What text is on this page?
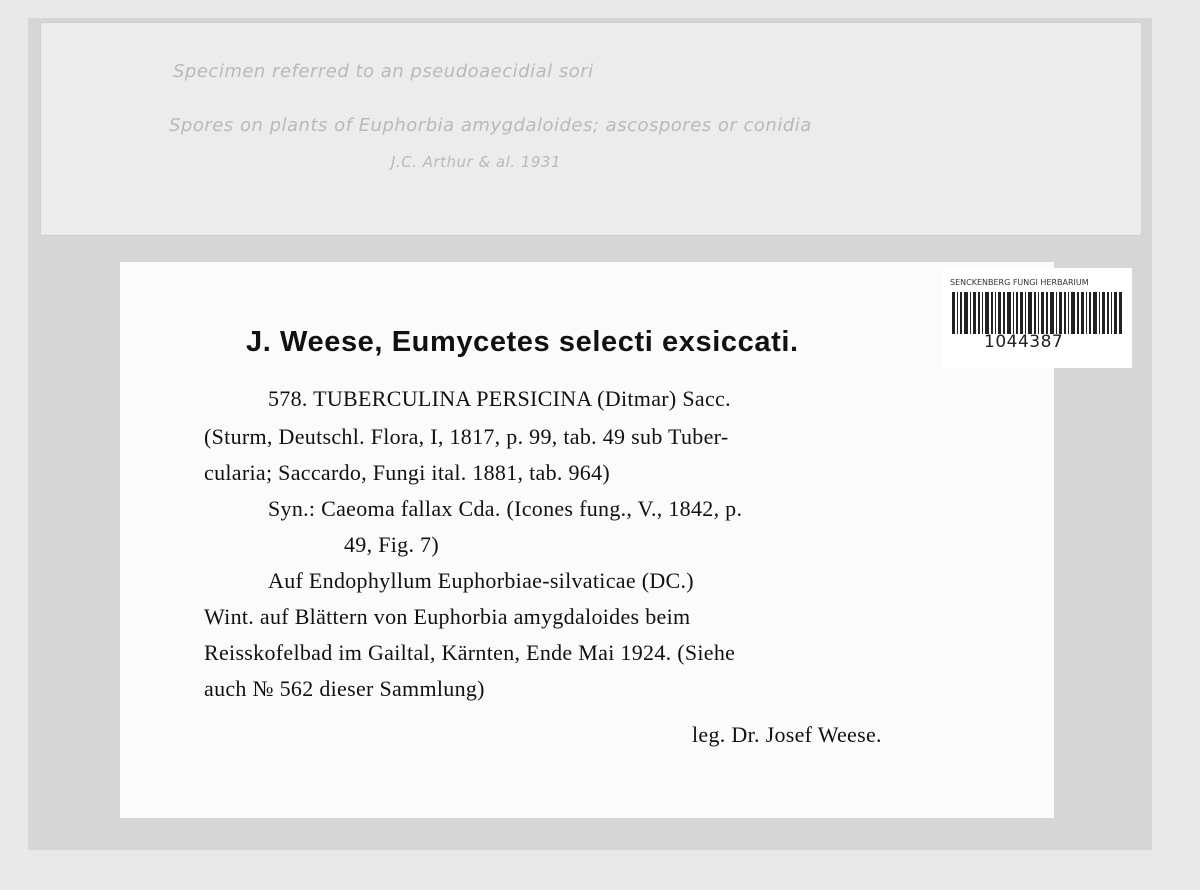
Specimen referred to an pseudoaecidial sori
Spores on plants of Euphorbia amygdaloides; ascospores or conidia
J.C. Arthur & al. 1931
SENCKENBERG FUNGI HERBARIUM
1044387
J. Weese, Eumycetes selecti exsiccati.
578. TUBERCULINA PERSICINA (Ditmar) Sacc.
(Sturm, Deutschl. Flora, I, 1817, p. 99, tab. 49 sub Tuber-
cularia; Saccardo, Fungi ital. 1881, tab. 964)
Syn.: Caeoma fallax Cda. (Icones fung., V., 1842, p.
49, Fig. 7)
Auf Endophyllum Euphorbiae-silvaticae (DC.)
Wint. auf Blättern von Euphorbia amygdaloides beim
Reisskofelbad im Gailtal, Kärnten, Ende Mai 1924. (Siehe
auch № 562 dieser Sammlung)
leg. Dr. Josef Weese.
